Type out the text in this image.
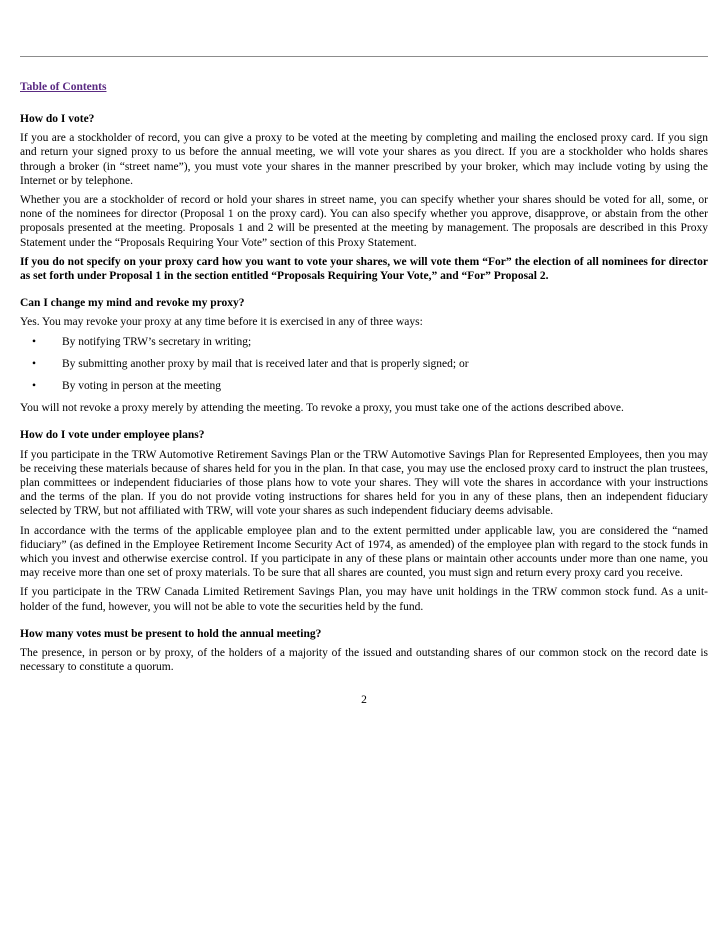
Table of Contents
How do I vote?

If you are a stockholder of record, you can give a proxy to be voted at the meeting by completing and mailing the enclosed proxy card. If you sign and return your signed proxy to us before the annual meeting, we will vote your shares as you direct. If you are a stockholder who holds shares through a broker (in “street name”), you must vote your shares in the manner prescribed by your broker, which may include voting by using the Internet or by telephone.

Whether you are a stockholder of record or hold your shares in street name, you can specify whether your shares should be voted for all, some, or none of the nominees for director (Proposal 1 on the proxy card). You can also specify whether you approve, disapprove, or abstain from the other proposals presented at the meeting. Proposals 1 and 2 will be presented at the meeting by management. The proposals are described in this Proxy Statement under the “Proposals Requiring Your Vote” section of this Proxy Statement.

If you do not specify on your proxy card how you want to vote your shares, we will vote them “For” the election of all nominees for director as set forth under Proposal 1 in the section entitled “Proposals Requiring Your Vote,” and “For” Proposal 2.

Can I change my mind and revoke my proxy?

Yes. You may revoke your proxy at any time before it is exercised in any of three ways:

• By notifying TRW’s secretary in writing;
• By submitting another proxy by mail that is received later and that is properly signed; or
• By voting in person at the meeting

You will not revoke a proxy merely by attending the meeting. To revoke a proxy, you must take one of the actions described above.

How do I vote under employee plans?

If you participate in the TRW Automotive Retirement Savings Plan or the TRW Automotive Savings Plan for Represented Employees, then you may be receiving these materials because of shares held for you in the plan. In that case, you may use the enclosed proxy card to instruct the plan trustees, plan committees or independent fiduciaries of those plans how to vote your shares. They will vote the shares in accordance with your instructions and the terms of the plan. If you do not provide voting instructions for shares held for you in any of these plans, then an independent fiduciary selected by TRW, but not affiliated with TRW, will vote your shares as such independent fiduciary deems advisable.

In accordance with the terms of the applicable employee plan and to the extent permitted under applicable law, you are considered the “named fiduciary” (as defined in the Employee Retirement Income Security Act of 1974, as amended) of the employee plan with regard to the stock funds in which you invest and otherwise exercise control. If you participate in any of these plans or maintain other accounts under more than one name, you may receive more than one set of proxy materials. To be sure that all shares are counted, you must sign and return every proxy card you receive.

If you participate in the TRW Canada Limited Retirement Savings Plan, you may have unit holdings in the TRW common stock fund. As a unit-holder of the fund, however, you will not be able to vote the securities held by the fund.

How many votes must be present to hold the annual meeting?

The presence, in person or by proxy, of the holders of a majority of the issued and outstanding shares of our common stock on the record date is necessary to constitute a quorum.

2
